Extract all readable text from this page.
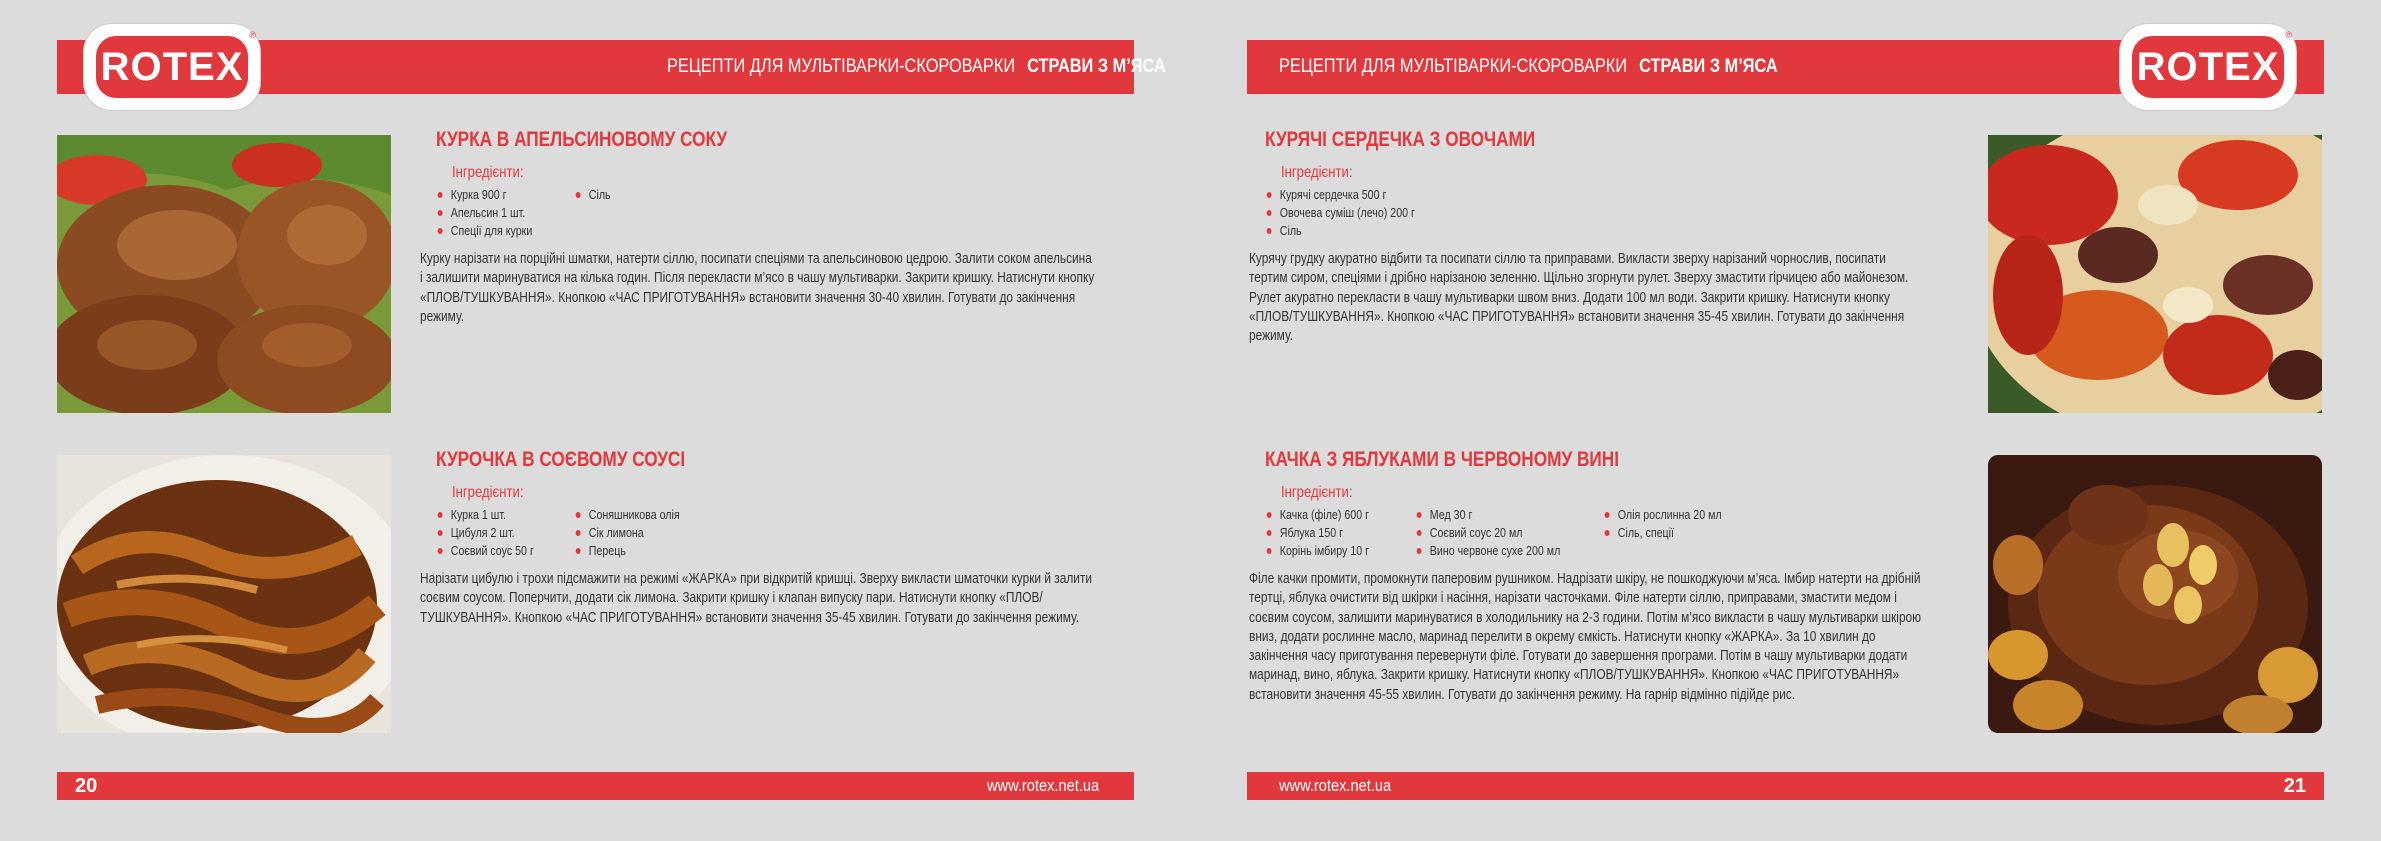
РЕЦЕПТИ ДЛЯ МУЛЬТІВАРКИ-СКОРОВАРКИ СТРАВИ З М’ЯСА
ROTEX
®
КУРКА В АПЕЛЬСИНОВОМУ СОКУ
Інгредієнти:
Курка 900 г
Апельсин 1 шт.
Спеції для курки
Сіль
Курку нарізати на порційні шматки, натерти сіллю, посипати спеціями та апельсиновою цедрою. Залити соком апельсина і залишити маринуватися на кілька годин. Після перекласти м’ясо в чашу мультиварки. Закрити кришку. Натиснути кнопку «ПЛОВ/ТУШКУВАННЯ». Кнопкою «ЧАС ПРИГОТУВАННЯ» встановити значення 30-40 хвилин. Готувати до закінчення режиму.
КУРОЧКА В СОЄВОМУ СОУСІ
Інгредієнти:
Курка 1 шт.
Цибуля 2 шт.
Соєвий соус 50 г
Соняшникова олія
Сік лимона
Перець
Нарізати цибулю і трохи підсмажити на режимі «ЖАРКА» при відкритій кришці. Зверху викласти шматочки курки й залити соєвим соусом. Поперчити, додати сік лимона. Закрити кришку і клапан випуску пари. Натиснути кнопку «ПЛОВ/ТУШКУВАННЯ». Кнопкою «ЧАС ПРИГОТУВАННЯ» встановити значення 35-45 хвилин. Готувати до закінчення режиму.
20	www.rotex.net.ua
РЕЦЕПТИ ДЛЯ МУЛЬТІВАРКИ-СКОРОВАРКИ СТРАВИ З М’ЯСА	ROTEX
®
КУРЯЧІ СЕРДЕЧКА З ОВОЧАМИ
Інгредієнти:
Курячі сердечка 500 г
Овочева суміш (лечо) 200 г
Сіль
Курячу грудку акуратно відбити та посипати сіллю та приправами. Викласти зверху нарізаний чорнослив, посипати тертим сиром, спеціями і дрібно нарізаною зеленню. Щільно згорнути рулет. Зверху змастити гірчицею або майонезом. Рулет акуратно перекласти в чашу мультиварки швом вниз. Додати 100 мл води. Закрити кришку. Натиснути кнопку «ПЛОВ/ТУШКУВАННЯ». Кнопкою «ЧАС ПРИГОТУВАННЯ» встановити значення 35-45 хвилин. Готувати до закінчення режиму.
КАЧКА З ЯБЛУКАМИ В ЧЕРВОНОМУ ВИНІ
Інгредієнти:
Качка (філе) 600 г
Яблука 150 г
Корінь імбиру 10 г
Мед 30 г
Соєвий соус 20 мл
Вино червоне сухе 200 мл
Олія рослинна 20 мл
Сіль, спеції
Філе качки промити, промокнути паперовим рушником. Надрізати шкіру, не пошкоджуючи м’яса. Імбир натерти на дрібній тертці, яблука очистити від шкірки і насіння, нарізати часточками. Філе натерти сіллю, приправами, змастити медом і соєвим соусом, залишити маринуватися в холодильнику на 2-3 години. Потім м’ясо викласти в чашу мультиварки шкірою вниз, додати рослинне масло, маринад перелити в окрему ємкість. Натиснути кнопку «ЖАРКА». За 10 хвилин до закінчення часу приготування перевернути філе. Готувати до завершення програми. Потім в чашу мультиварки додати маринад, вино, яблука. Закрити кришку. Натиснути кнопку «ПЛОВ/ТУШКУВАННЯ». Кнопкою «ЧАС ПРИГОТУВАННЯ» встановити значення 45-55 хвилин. Готувати до закінчення режиму. На гарнір відмінно підійде рис.
www.rotex.net.ua	21
